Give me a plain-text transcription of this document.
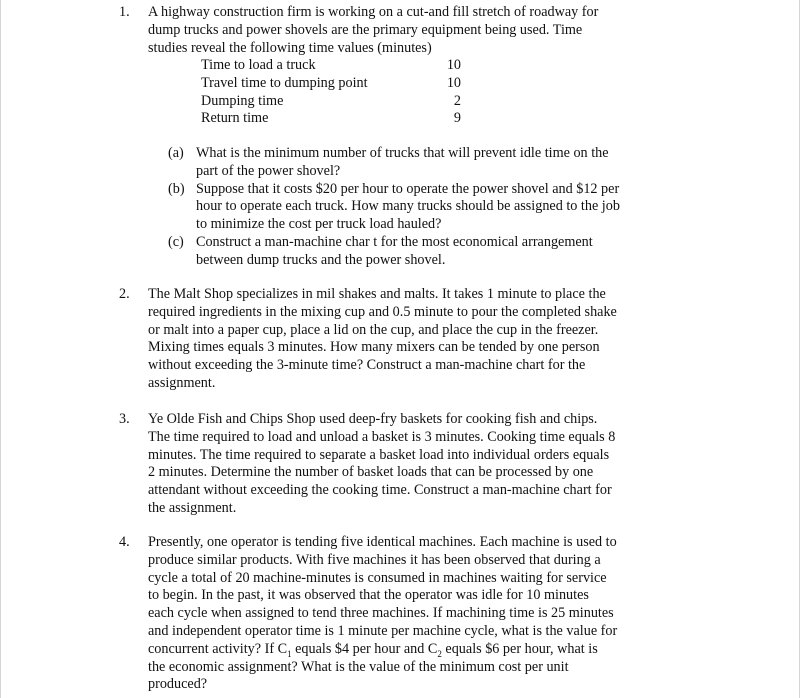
1.	A highway construction firm is working on a cut-and fill stretch of roadway for
dump trucks and power shovels are the primary equipment being used. Time
studies reveal the following time values (minutes)
Time to load a truck	10
Travel time to dumping point	10
Dumping time	2
Return time	9
(a) What is the minimum number of trucks that will prevent idle time on the
part of the power shovel?
(b) Suppose that it costs $20 per hour to operate the power shovel and $12 per
hour to operate each truck. How many trucks should be assigned to the job
to minimize the cost per truck load hauled?
(c) Construct a man-machine char t for the most economical arrangement
between dump trucks and the power shovel.
2.	The Malt Shop specializes in mil shakes and malts. It takes 1 minute to place the
required ingredients in the mixing cup and 0.5 minute to pour the completed shake
or malt into a paper cup, place a lid on the cup, and place the cup in the freezer.
Mixing times equals 3 minutes. How many mixers can be tended by one person
without exceeding the 3-minute time? Construct a man-machine chart for the
assignment.
3.	Ye Olde Fish and Chips Shop used deep-fry baskets for cooking fish and chips.
The time required to load and unload a basket is 3 minutes. Cooking time equals 8
minutes. The time required to separate a basket load into individual orders equals
2 minutes. Determine the number of basket loads that can be processed by one
attendant without exceeding the cooking time. Construct a man-machine chart for
the assignment.
4.	Presently, one operator is tending five identical machines. Each machine is used to
produce similar products. With five machines it has been observed that during a
cycle a total of 20 machine-minutes is consumed in machines waiting for service
to begin. In the past, it was observed that the operator was idle for 10 minutes
each cycle when assigned to tend three machines. If machining time is 25 minutes
and independent operator time is 1 minute per machine cycle, what is the value for
concurrent activity? If $C_1$ equals $4 per hour and $C_2$ equals $6 per hour, what is
the economic assignment? What is the value of the minimum cost per unit
produced?
